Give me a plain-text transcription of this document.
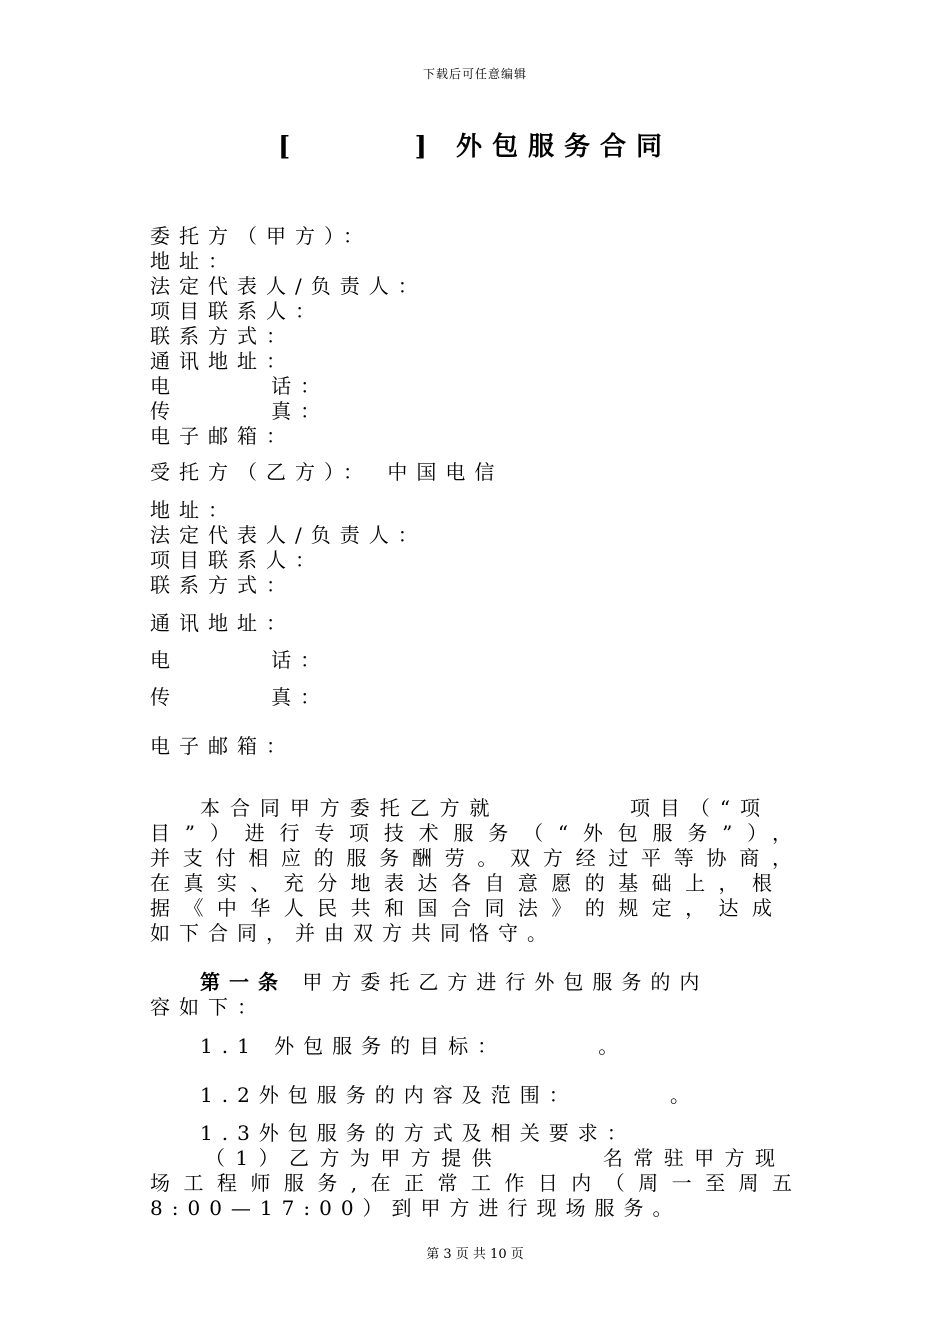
下载后可任意编辑
[      ] 外包服务合同
委托方（甲方）：
地址：
法定代表人/负责人：
项目联系人：
联系方式：
通讯地址：
电      话：
传      真：
电子邮箱：
受托方（乙方）： 中国电信
地址：
法定代表人/负责人：
项目联系人：
联系方式：
通讯地址：
电      话：
传      真：
电子邮箱：
本合同甲方委托乙方就        项目（“项
目”）进行专项技术服务（“外包服务”），
并支付相应的服务酬劳。双方经过平等协商，
在真实、充分地表达各自意愿的基础上，根
据《中华人民共和国合同法》的规定，达成
如下合同，并由双方共同恪守。
第一条 甲方委托乙方进行外包服务的内
容如下：
1.1 外包服务的目标：      。
1.2外包服务的内容及范围：      。
1.3外包服务的方式及相关要求：
（1）乙方为甲方提供      名常驻甲方现
场工程师服务,在正常工作日内（周一至周五
8:00—17:00）到甲方进行现场服务。
第 3 页 共 10 页
